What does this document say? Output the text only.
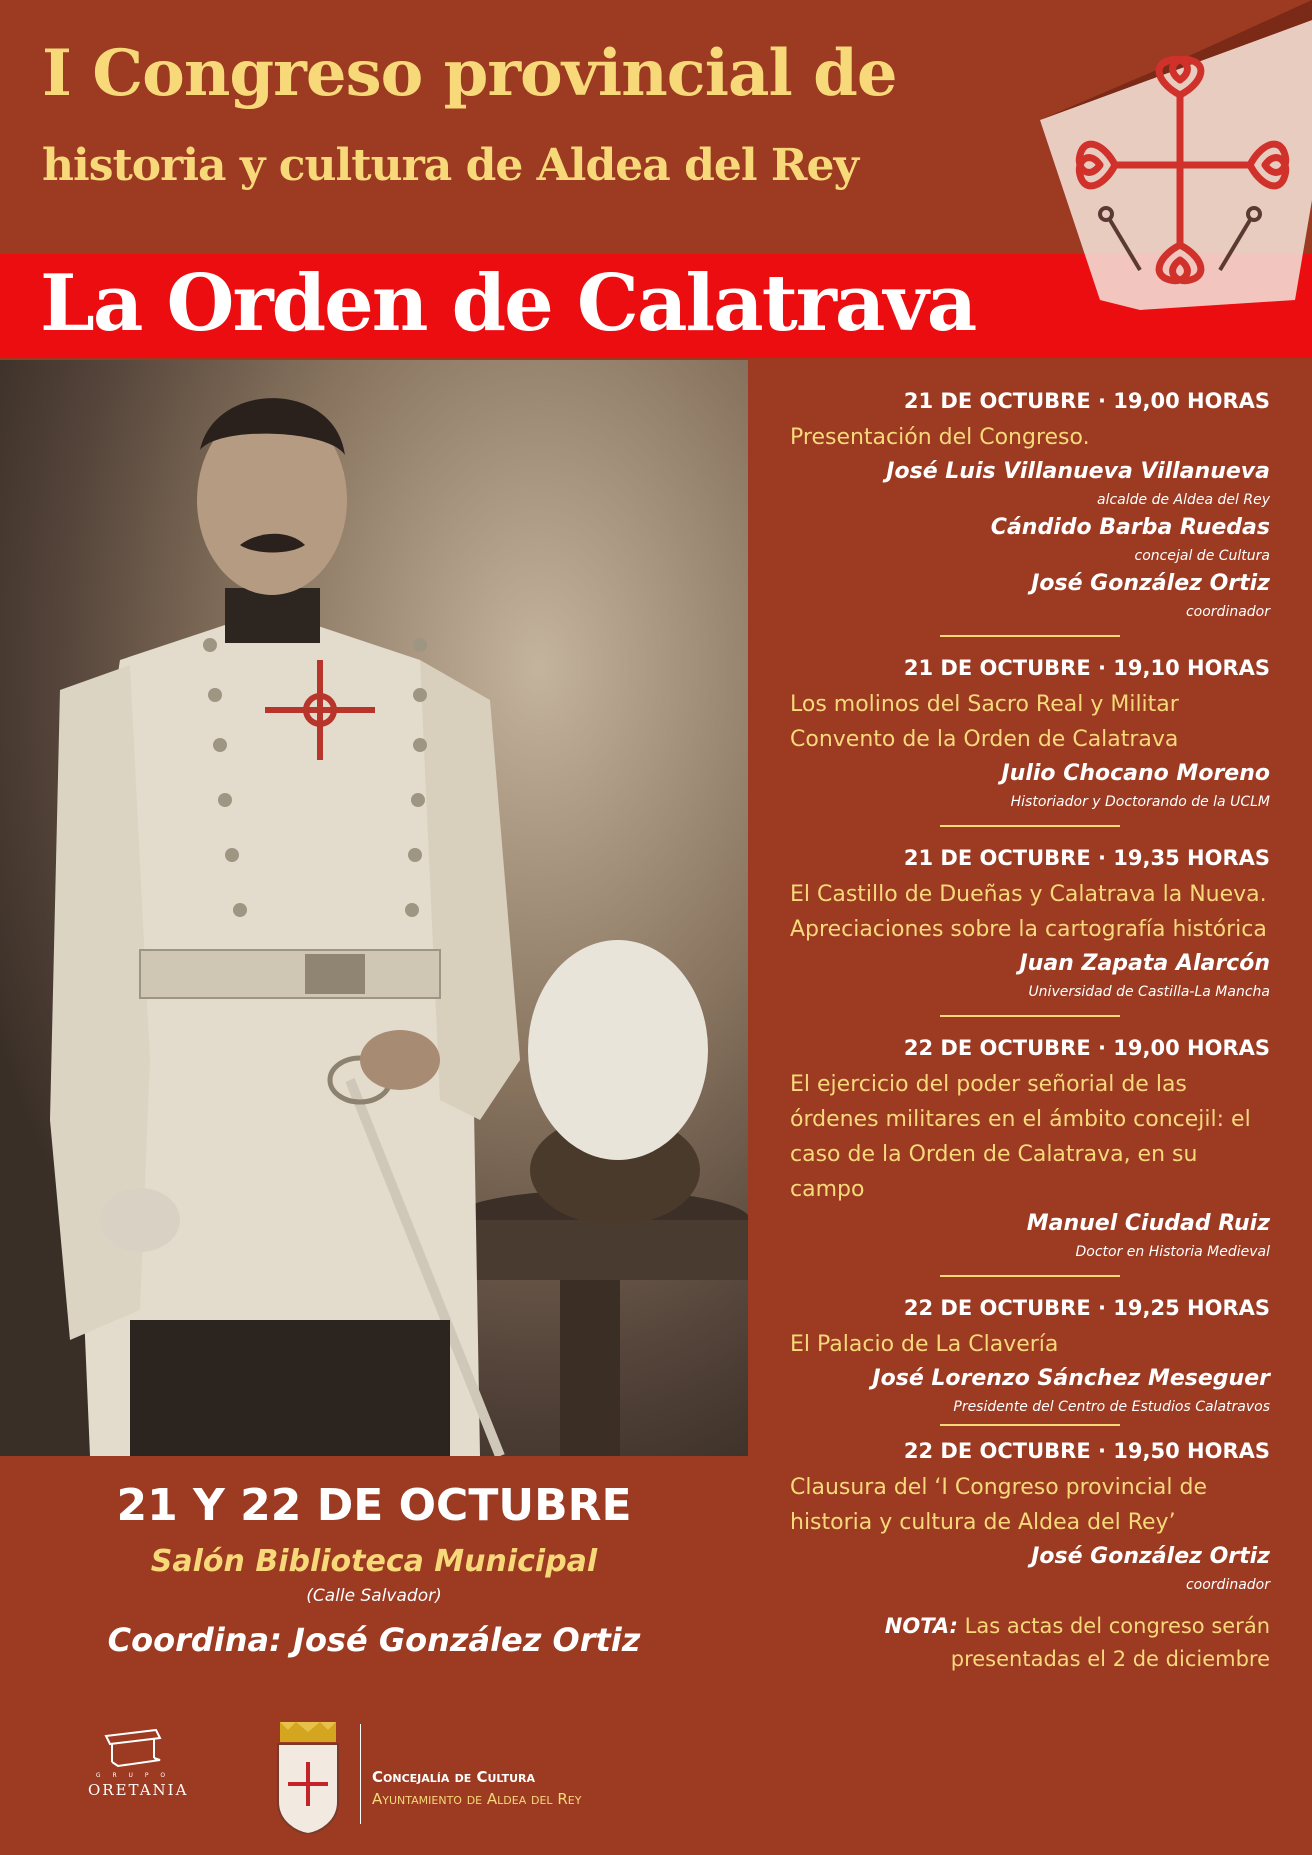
I Congreso provincial de
historia y cultura de Aldea del Rey
La Orden de Calatrava
21 DE OCTUBRE · 19,00 HORAS
Presentación del Congreso.
José Luis Villanueva Villanueva
alcalde de Aldea del Rey
Cándido Barba Ruedas
concejal de Cultura
José González Ortiz
coordinador
21 DE OCTUBRE · 19,10 HORAS
Los molinos del Sacro Real y Militar Convento de la Orden de Calatrava
Julio Chocano Moreno
Historiador y Doctorando de la UCLM
21 DE OCTUBRE · 19,35 HORAS
El Castillo de Dueñas y Calatrava la Nueva. Apreciaciones sobre la cartografía histórica
Juan Zapata Alarcón
Universidad de Castilla-La Mancha
22 DE OCTUBRE · 19,00 HORAS
El ejercicio del poder señorial de las órdenes militares en el ámbito concejil: el caso de la Orden de Calatrava, en su campo
Manuel Ciudad Ruiz
Doctor en Historia Medieval
22 DE OCTUBRE · 19,25 HORAS
El Palacio de La Clavería
José Lorenzo Sánchez Meseguer
Presidente del Centro de Estudios Calatravos
22 DE OCTUBRE · 19,50 HORAS
Clausura del ‘I Congreso provincial de historia y cultura de Aldea del Rey’
José González Ortiz
coordinador
NOTA: Las actas del congreso serán presentadas el 2 de diciembre
21 Y 22 DE OCTUBRE
Salón Biblioteca Municipal
(Calle Salvador)
Coordina: José González Ortiz
G R U P O
ORETANIA
Concejalía de Cultura
Ayuntamiento de Aldea del Rey
